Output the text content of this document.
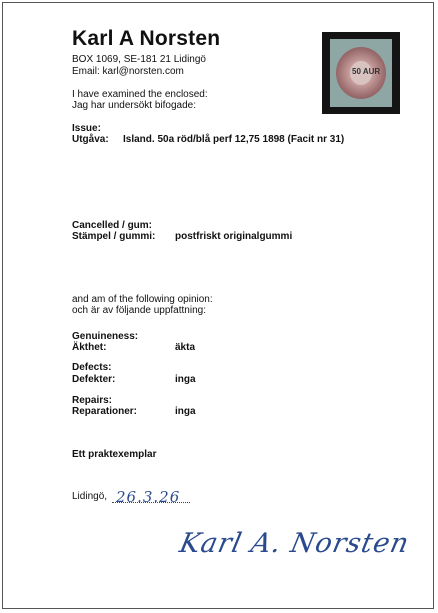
Karl A Norsten
BOX 1069, SE-181 21 Lidingö
Email: karl@norsten.com	50 AUR
I have examined the enclosed:
Jag har undersökt bifogade:
Issue:
Utgåva: Island. 50a röd/blå perf 12,75 1898 (Facit nr 31)
Cancelled / gum:
Stämpel / gummi: postfriskt originalgummi
and am of the following opinion:
och är av följande uppfattning:
Genuineness:
Äkthet:	äkta
Defects:
Defekter:	inga
Repairs:
Reparationer:	inga
Ett praktexemplar
Lidingö, 26.3.26
Karl A. Norsten
